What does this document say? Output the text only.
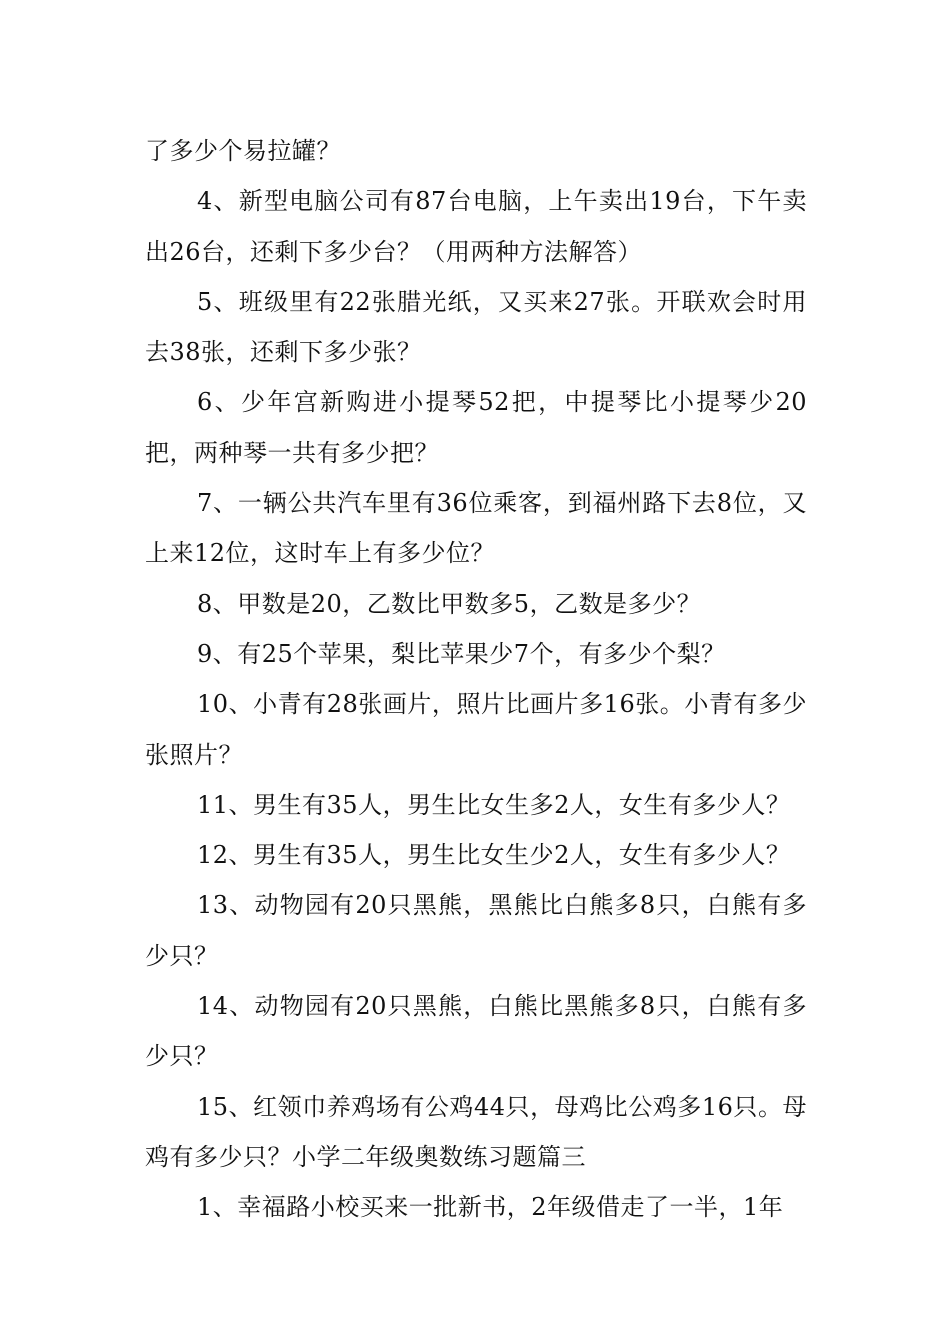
了多少个易拉罐？

4、新型电脑公司有87台电脑，上午卖出19台，下午卖出26台，还剩下多少台？（用两种方法解答）

5、班级里有22张腊光纸，又买来27张。开联欢会时用去38张，还剩下多少张？

6、少年宫新购进小提琴52把，中提琴比小提琴少20把，两种琴一共有多少把？

7、一辆公共汽车里有36位乘客，到福州路下去8位，又上来12位，这时车上有多少位？

8、甲数是20，乙数比甲数多5，乙数是多少？

9、有25个苹果，梨比苹果少7个，有多少个梨？

10、小青有28张画片，照片比画片多16张。小青有多少张照片？

11、男生有35人，男生比女生多2人，女生有多少人？

12、男生有35人，男生比女生少2人，女生有多少人？

13、动物园有20只黑熊，黑熊比白熊多8只，白熊有多少只？

14、动物园有20只黑熊，白熊比黑熊多8只，白熊有多少只？

15、红领巾养鸡场有公鸡44只，母鸡比公鸡多16只。母鸡有多少只？小学二年级奥数练习题篇三

1、幸福路小校买来一批新书，2年级借走了一半，1年
